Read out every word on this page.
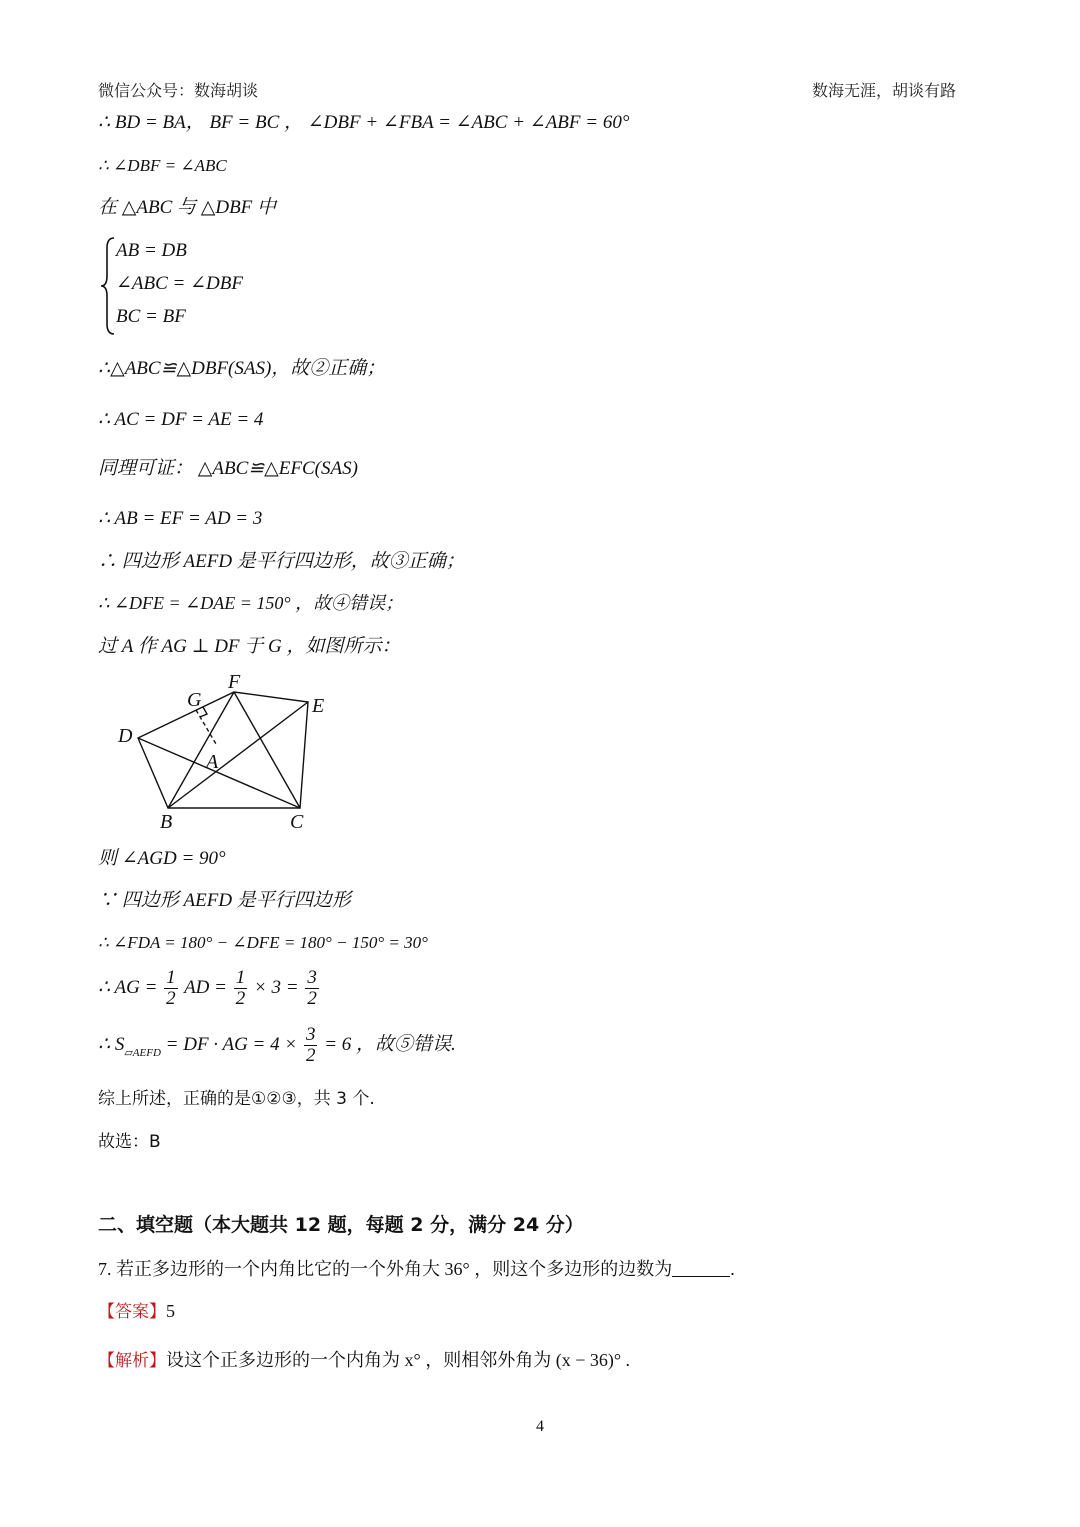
微信公众号：数海胡谈	数海无涯，胡谈有路
∴ BD = BA， BF = BC ， ∠DBF + ∠FBA = ∠ABC + ∠ABF = 60°
∴ ∠DBF = ∠ABC
在 △ABC 与 △DBF 中
AB = DB
∠ABC = ∠DBF
BC = BF
∴△ABC≌△DBF(SAS)，故②正确；
∴ AC = DF = AE = 4
同理可证： △ABC≌△EFC(SAS)
∴ AB = EF = AD = 3
∴ 四边形 AEFD 是平行四边形，故③正确；
∴ ∠DFE = ∠DAE = 150° ，故④错误；
过 A 作 AG ⊥ DF 于 G ，如图所示：
F
G	E
D
A
B	C
则 ∠AGD = 90°
∵ 四边形 AEFD 是平行四边形
∴ ∠FDA = 180° − ∠DFE = 180° − 150° = 30°
∴ AG = $\frac{1}{2}$ AD = $\frac{1}{2} \times 3 = \frac{3}{2}$
∴ $S_{▱AEFD}$ = DF · AG = $4 \times \frac{3}{2} = 6$ ，故⑤错误.
综上所述，正确的是①②③，共 3 个.
故选：B
二、填空题（本大题共 12 题，每题 2 分，满分 24 分）
7. 若正多边形的一个内角比它的一个外角大 36° ，则这个多边形的边数为	.
【答案】5
【解析】设这个正多边形的一个内角为 x° ，则相邻外角为 (x − 36)° .
4
